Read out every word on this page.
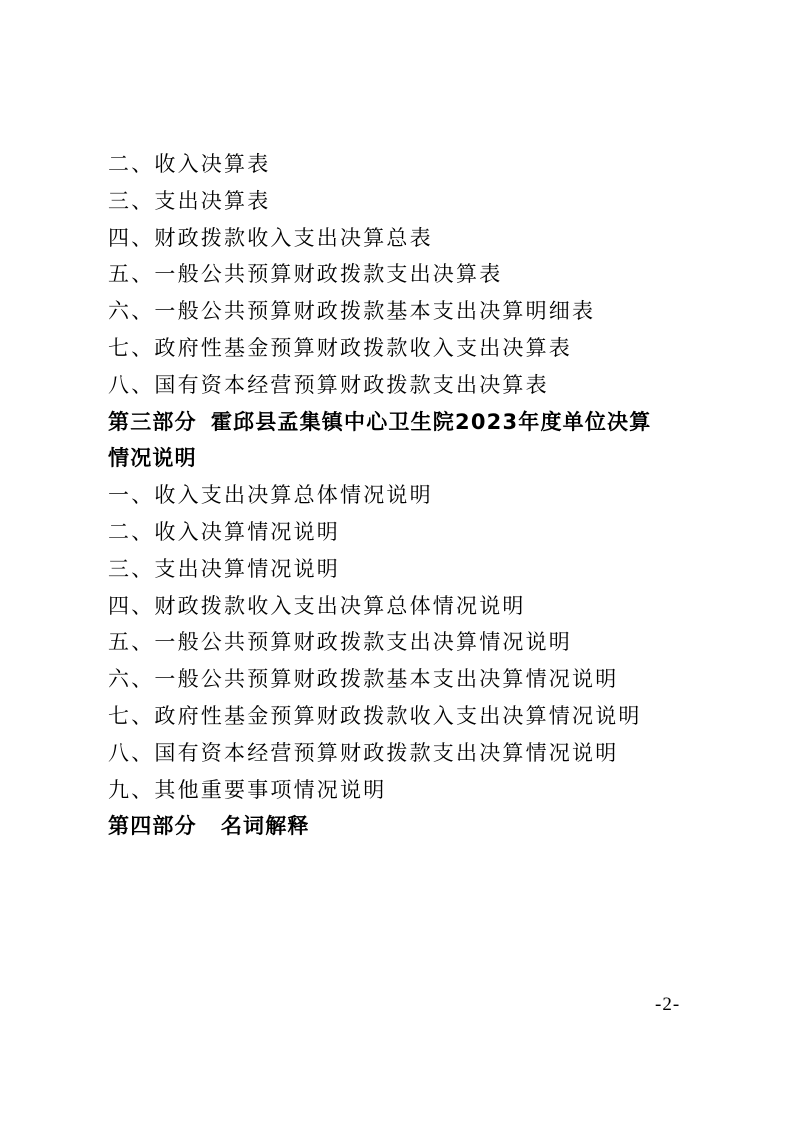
二、收入决算表
三、支出决算表
四、财政拨款收入支出决算总表
五、一般公共预算财政拨款支出决算表
六、一般公共预算财政拨款基本支出决算明细表
七、政府性基金预算财政拨款收入支出决算表
八、国有资本经营预算财政拨款支出决算表
第三部分 霍邱县孟集镇中心卫生院2023年度单位决算
情况说明
一、收入支出决算总体情况说明
二、收入决算情况说明
三、支出决算情况说明
四、财政拨款收入支出决算总体情况说明
五、一般公共预算财政拨款支出决算情况说明
六、一般公共预算财政拨款基本支出决算情况说明
七、政府性基金预算财政拨款收入支出决算情况说明
八、国有资本经营预算财政拨款支出决算情况说明
九、其他重要事项情况说明
第四部分 名词解释
-2-
